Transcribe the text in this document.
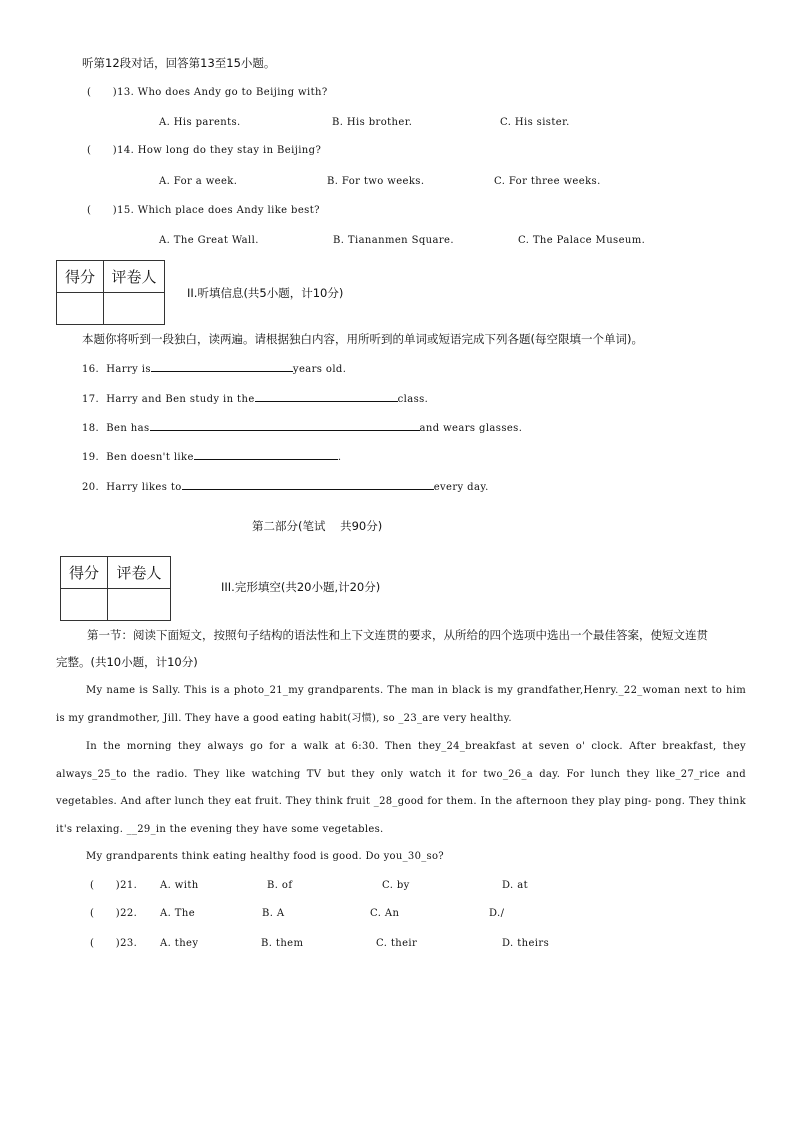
听第12段对话，回答第13至15小题。
(      )13. Who does Andy go to Beijing with?
A. His parents.	B. His brother.	C. His sister.
(      )14. How long do they stay in Beijing?
A. For a week.	B. For two weeks.	C. For three weeks.
(      )15. Which place does Andy like best?
A. The Great Wall.	B. Tiananmen Square.	C. The Palace Museum.
得分	评卷人

II.听填信息(共5小题，计10分)
本题你将听到一段独白，读两遍。请根据独白内容，用所听到的单词或短语完成下列各题(每空限填一个单词)。
16. Harry is	years old.
17. Harry and Ben study in the	class.
18. Ben has	and wears glasses.
19. Ben doesn't like	.
20. Harry likes to	every day.
第二部分(笔试    共90分)
得分	评卷人

III.完形填空(共20小题,计20分)
第一节：阅读下面短文，按照句子结构的语法性和上下文连贯的要求，从所给的四个选项中选出一个最佳答案，使短文连贯
完整。(共10小题，计10分)
My name is Sally. This is a photo_21_my grandparents. The man in black is my grandfather,Henry._22_woman next to him is my grandmother, Jill. They have a good eating habit(习惯), so _23_are very healthy.
In the morning they always go for a walk at 6:30. Then they_24_breakfast at seven o' clock. After breakfast, they always_25_to the radio. They like watching TV but they only watch it for two_26_a day. For lunch they like_27_rice and vegetables. And after lunch they eat fruit. They think fruit _28_good for them. In the afternoon they play ping- pong. They think it's relaxing. __29_in the evening they have some vegetables.
My grandparents think eating healthy food is good. Do you_30_so?
(      )21. A. with	B. of	C. by	D. at
(      )22. A. The	B. A	C. An	D./
(      )23. A. they	B. them	C. their	D. theirs
